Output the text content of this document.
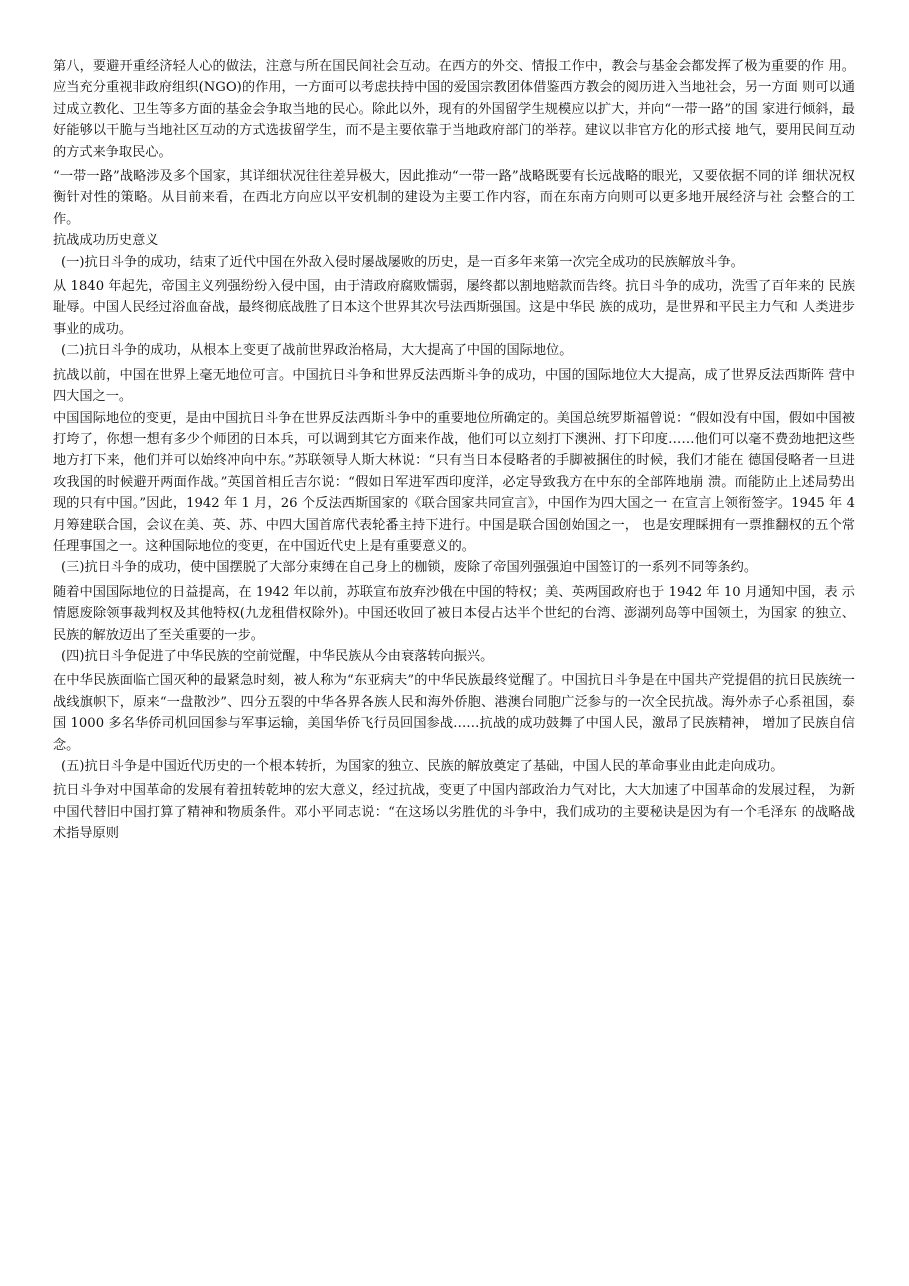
第八，要避开重经济轻人心的做法，注意与所在国民间社会互动。在西方的外交、情报工作中，教会与基金会都发挥了极为重要的作 用。应当充分重视非政府组织(NGO)的作用，一方面可以考虑扶持中国的爱国宗教团体借鉴西方教会的阅历进入当地社会，另一方面 则可以通过成立教化、卫生等多方面的基金会争取当地的民心。除此以外，现有的外国留学生规模应以扩大，并向“一带一路”的国 家进行倾斜，最好能够以干脆与当地社区互动的方式选拔留学生，而不是主要依靠于当地政府部门的举荐。建议以非官方化的形式接 地气，要用民间互动的方式来争取民心。

“一带一路”战略涉及多个国家，其详细状况往往差异极大，因此推动“一带一路”战略既要有长远战略的眼光，又要依据不同的详 细状况权衡针对性的策略。从目前来看，在西北方向应以平安机制的建设为主要工作内容，而在东南方向则可以更多地开展经济与社 会整合的工作。

抗战成功历史意义

(一)抗日斗争的成功，结束了近代中国在外敌入侵时屡战屡败的历史，是一百多年来第一次完全成功的民族解放斗争。

从 1840 年起先，帝国主义列强纷纷入侵中国，由于清政府腐败懦弱，屡终都以割地赔款而告终。抗日斗争的成功，洗雪了百年来的 民族耻辱。中国人民经过浴血奋战，最终彻底战胜了日本这个世界其次号法西斯强国。这是中华民 族的成功，是世界和平民主力气和 人类进步事业的成功。

(二)抗日斗争的成功，从根本上变更了战前世界政治格局，大大提高了中国的国际地位。

抗战以前，中国在世界上毫无地位可言。中国抗日斗争和世界反法西斯斗争的成功，中国的国际地位大大提高，成了世界反法西斯阵 营中四大国之一。

中国国际地位的变更，是由中国抗日斗争在世界反法西斯斗争中的重要地位所确定的。美国总统罗斯福曾说：“假如没有中国，假如中国被打垮了，你想一想有多少个师团的日本兵，可以调到其它方面来作战，他们可以立刻打下澳洲、打下印度……他们可以毫不费劲地把这些地方打下来，他们并可以始终冲向中东。”苏联领导人斯大林说：“只有当日本侵略者的手脚被捆住的时候，我们才能在 德国侵略者一旦进攻我国的时候避开两面作战。”英国首相丘吉尔说：“假如日军进军西印度洋，必定导致我方在中东的全部阵地崩 溃。而能防止上述局势出现的只有中国。”因此，1942 年 1 月，26 个反法西斯国家的《联合国家共同宣言》，中国作为四大国之一 在宣言上领衔签字。1945 年 4 月筹建联合国，会议在美、英、苏、中四大国首席代表轮番主持下进行。中国是联合国创始国之一， 也是安理睬拥有一票推翻权的五个常任理事国之一。这种国际地位的变更，在中国近代史上是有重要意义的。

(三)抗日斗争的成功，使中国摆脱了大部分束缚在自己身上的枷锁，废除了帝国列强强迫中国签订的一系列不同等条约。

随着中国国际地位的日益提高，在 1942 年以前，苏联宣布放弃沙俄在中国的特权；美、英两国政府也于 1942 年 10 月通知中国，表 示情愿废除领事裁判权及其他特权(九龙租借权除外)。中国还收回了被日本侵占达半个世纪的台湾、澎湖列岛等中国领土，为国家 的独立、民族的解放迈出了至关重要的一步。

(四)抗日斗争促进了中华民族的空前觉醒，中华民族从今由衰落转向振兴。

在中华民族面临亡国灭种的最紧急时刻，被人称为“东亚病夫”的中华民族最终觉醒了。中国抗日斗争是在中国共产党提倡的抗日民族统一战线旗帜下，原来“一盘散沙”、四分五裂的中华各界各族人民和海外侨胞、港澳台同胞广泛参与的一次全民抗战。海外赤子心系祖国，泰国 1000 多名华侨司机回国参与军事运输，美国华侨飞行员回国参战……抗战的成功鼓舞了中国人民，激昂了民族精神， 增加了民族自信念。

(五)抗日斗争是中国近代历史的一个根本转折，为国家的独立、民族的解放奠定了基础，中国人民的革命事业由此走向成功。

抗日斗争对中国革命的发展有着扭转乾坤的宏大意义，经过抗战，变更了中国内部政治力气对比，大大加速了中国革命的发展过程， 为新中国代替旧中国打算了精神和物质条件。邓小平同志说：“在这场以劣胜优的斗争中，我们成功的主要秘诀是因为有一个毛泽东 的战略战术指导原则
